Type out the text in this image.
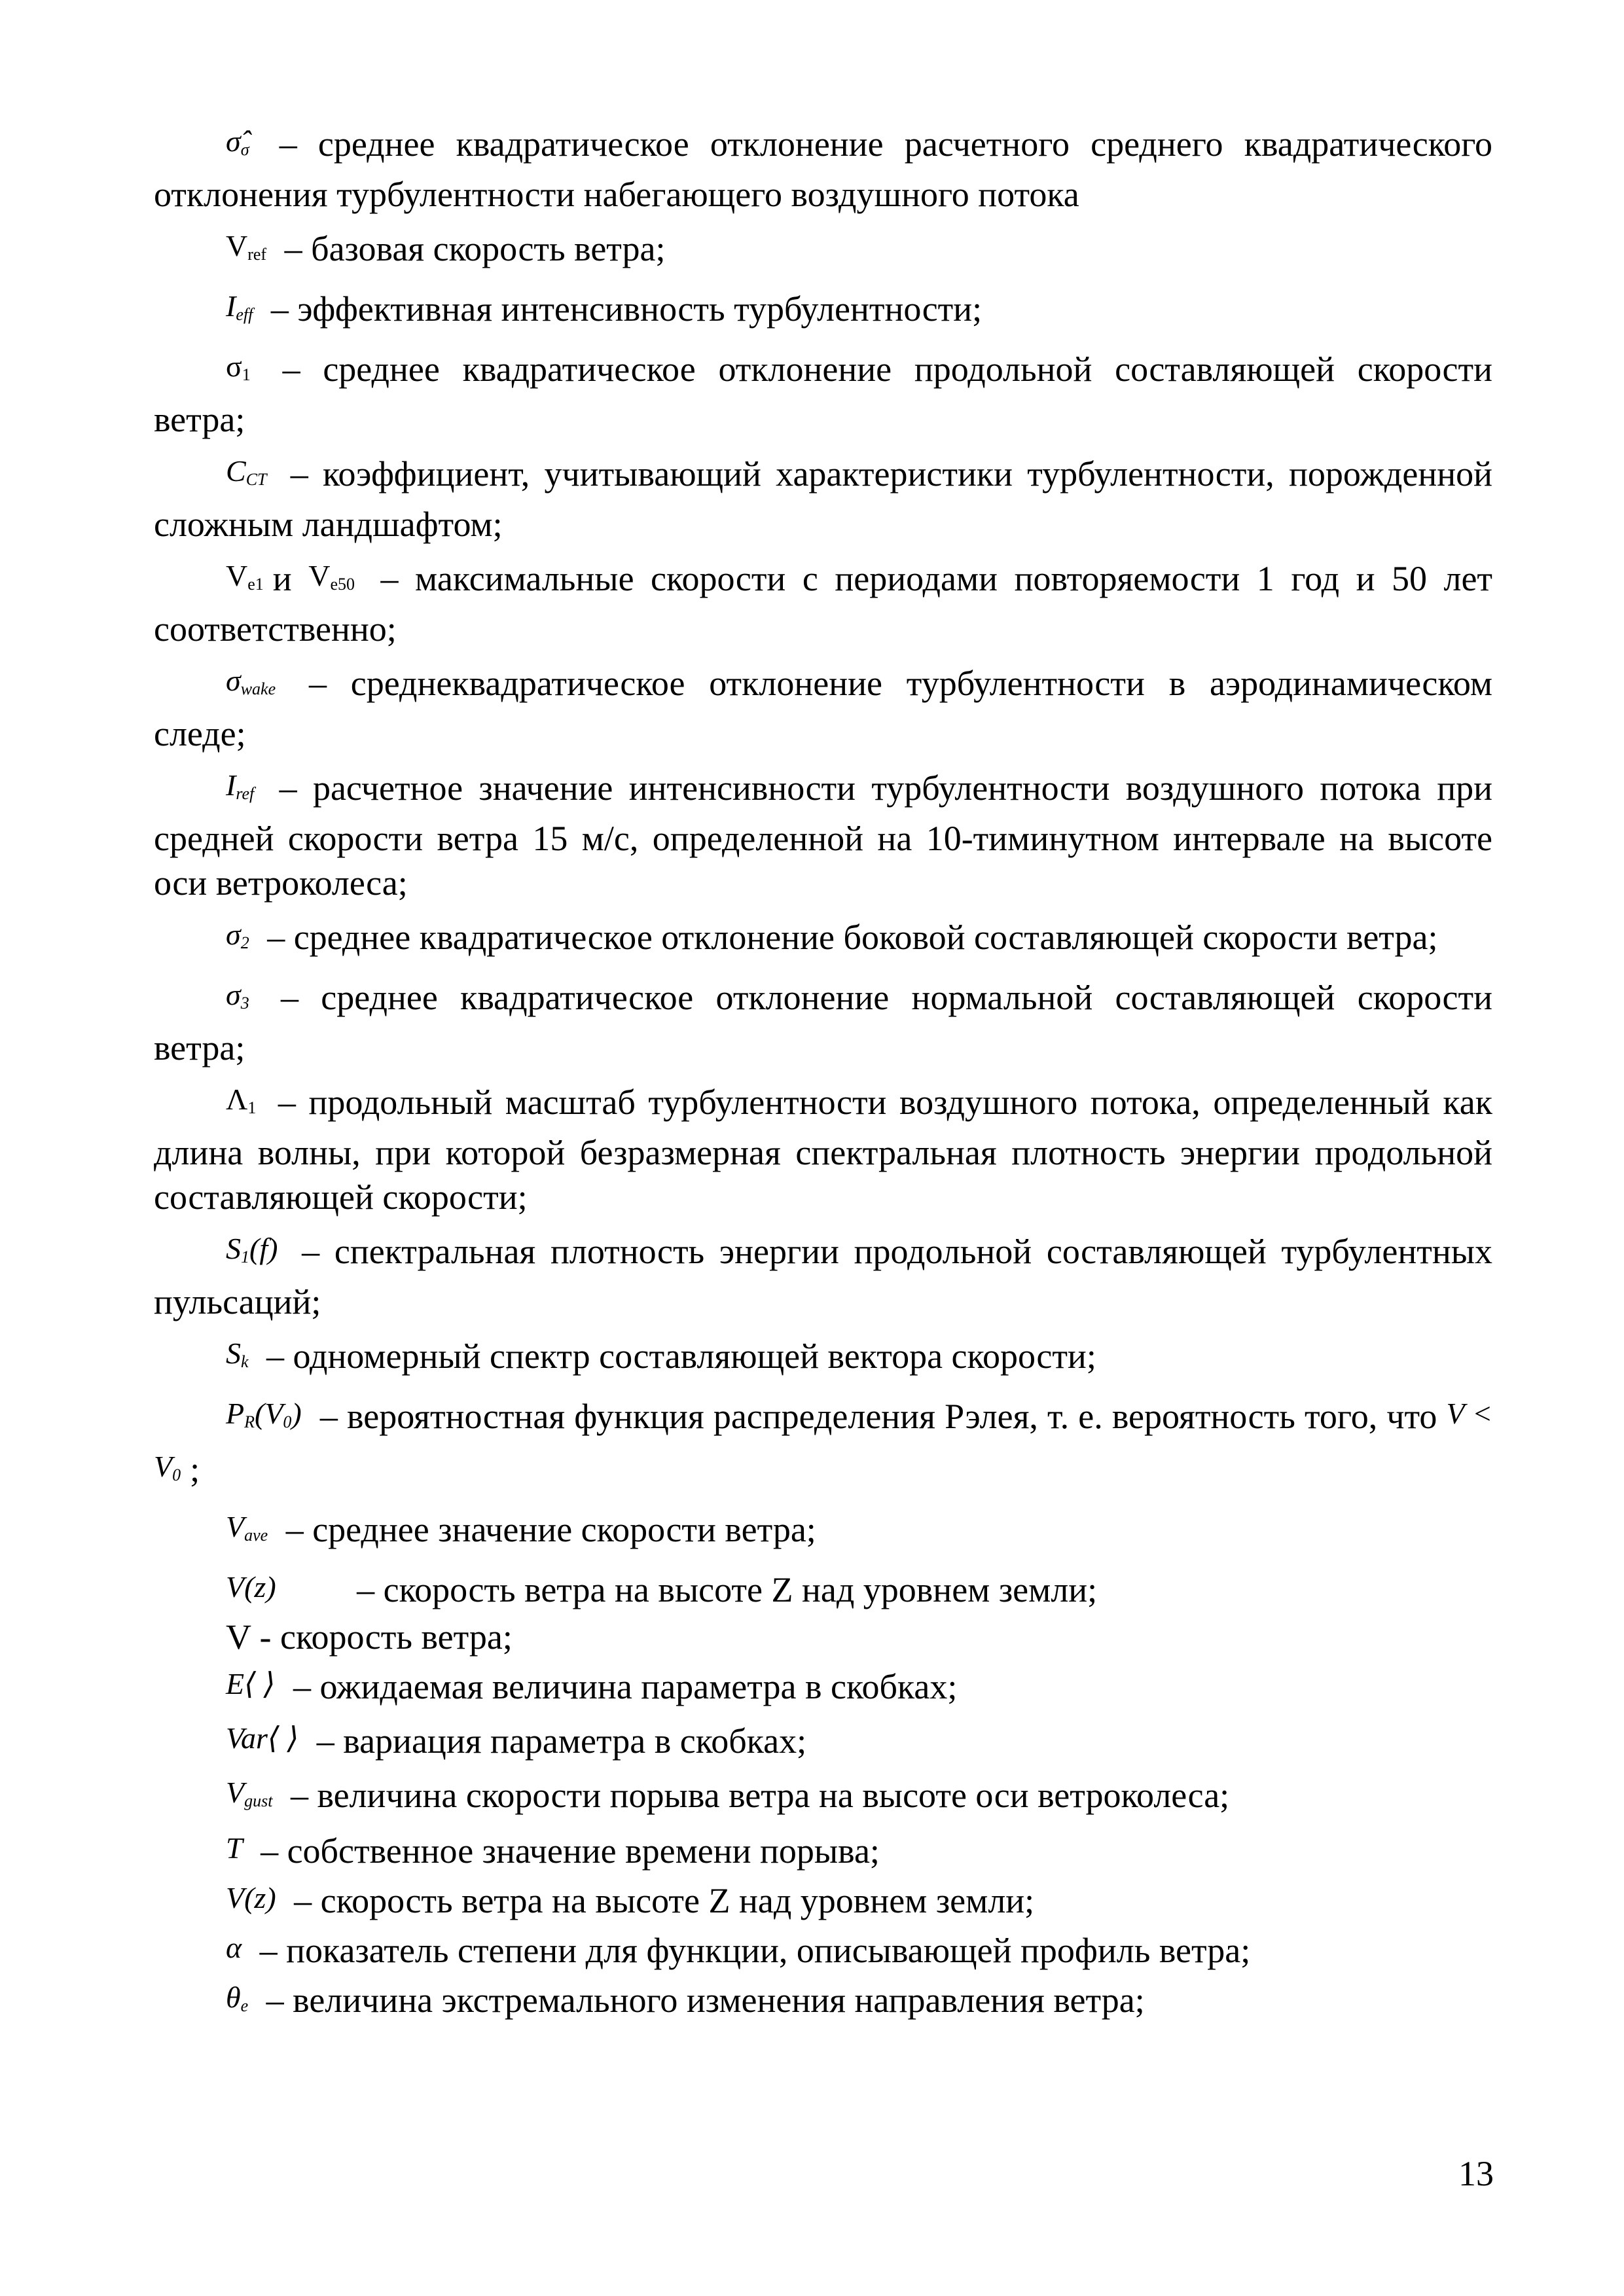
$\sigmâ_\sigma$ – среднее квадратическое отклонение расчетного среднего квадратического отклонения турбулентности набегающего воздушного потока

$V_{ref}$ – базовая скорость ветра;

$I_{eff}$ – эффективная интенсивность турбулентности;

$\sigma_1$ – среднее квадратическое отклонение продольной составляющей скорости ветра;

$C_{CT}$ – коэффициент, учитывающий характеристики турбулентности, порожденной сложным ландшафтом;

$V_{e1}$ и $V_{e50}$ – максимальные скорости с периодами повторяемости 1 год и 50 лет соответственно;

$\sigma_{wake}$ – среднеквадратическое отклонение турбулентности в аэродинамическом следе;

$I_{ref}$ – расчетное значение интенсивности турбулентности воздушного потока при средней скорости ветра 15 м/с, определенной на 10-тиминутном интервале на высоте оси ветроколеса;

$\sigma_2$ – среднее квадратическое отклонение боковой составляющей скорости ветра;

$\sigma_3$ – среднее квадратическое отклонение нормальной составляющей скорости ветра;

$\Lambda_1$ – продольный масштаб турбулентности воздушного потока, определенный как длина волны, при которой безразмерная спектральная плотность энергии продольной составляющей скорости;

$S_1(f)$ – спектральная плотность энергии продольной составляющей турбулентных пульсаций;

$S_k$ – одномерный спектр составляющей вектора скорости;

$P_R(V_0)$ – вероятностная функция распределения Рэлея, т. е. вероятность того, что $V < V_0$ ;

$V_{ave}$ – среднее значение скорости ветра;

V(z) – скорость ветра на высоте Z над уровнем земли;

V - скорость ветра;

E⟨ ⟩ – ожидаемая величина параметра в скобках;

Var⟨ ⟩ – вариация параметра в скобках;

$V_{gust}$ – величина скорости порыва ветра на высоте оси ветроколеса;

T – собственное значение времени порыва;

V(z) – скорость ветра на высоте Z над уровнем земли;

α – показатель степени для функции, описывающей профиль ветра;

$\theta_e$ – величина экстремального изменения направления ветра;

13
